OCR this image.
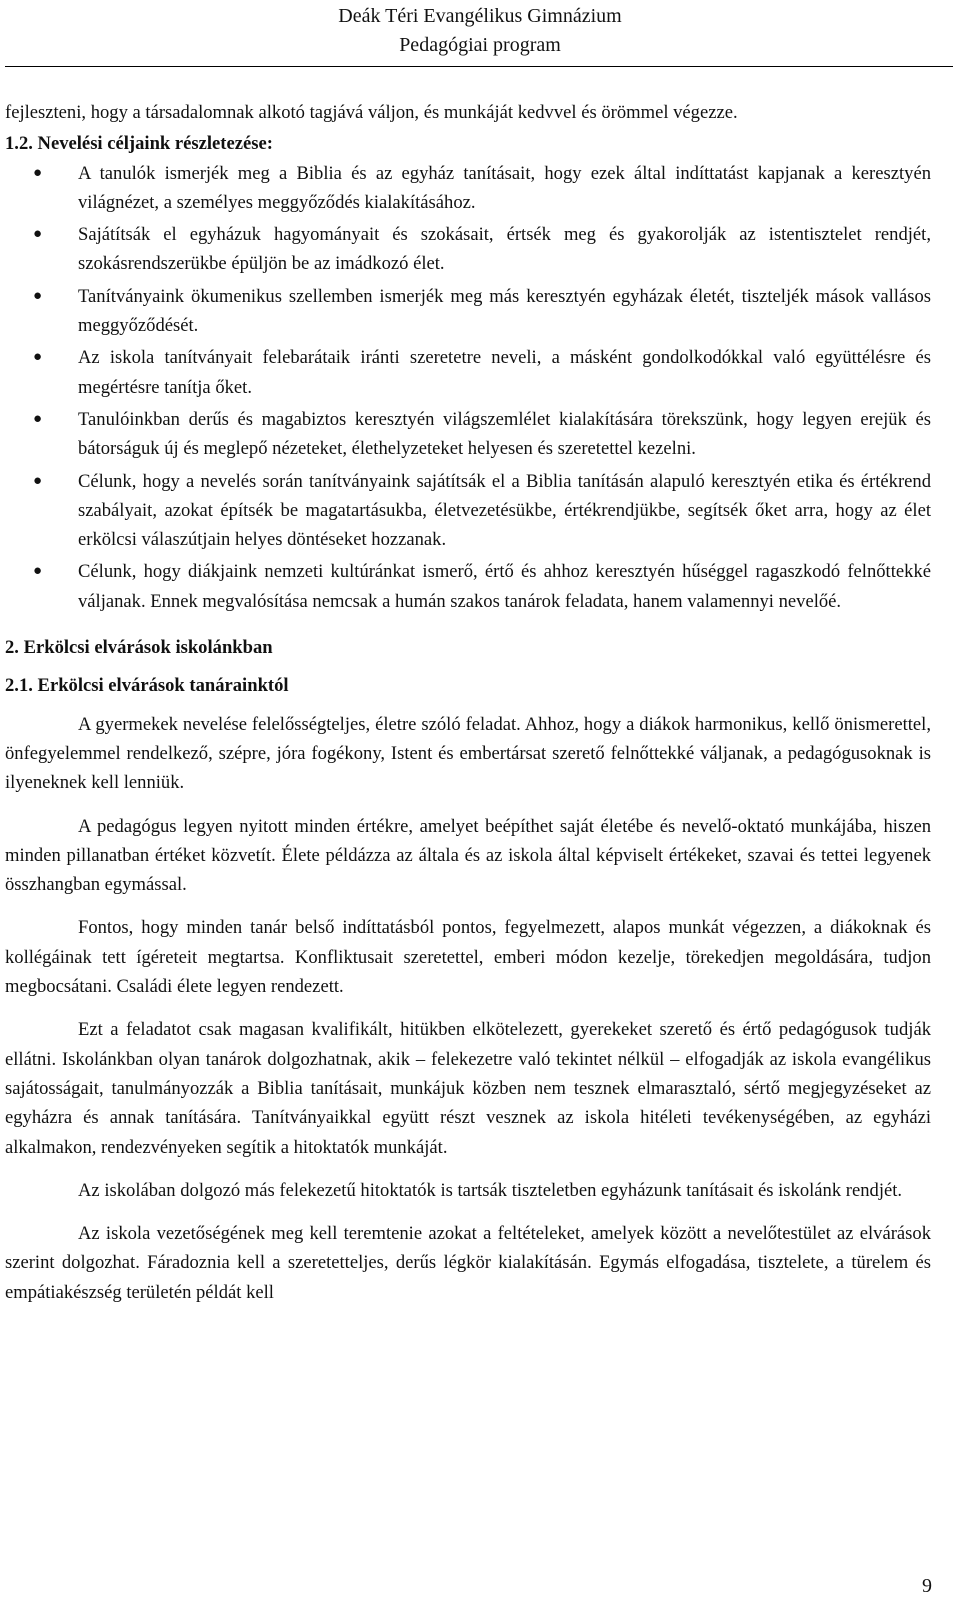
Deák Téri Evangélikus Gimnázium
Pedagógiai program

fejleszteni, hogy a társadalomnak alkotó tagjává váljon, és munkáját kedvvel és örömmel végezze.

1.2. Nevelési céljaink részletezése:

● A tanulók ismerjék meg a Biblia és az egyház tanításait, hogy ezek által indíttatást kapjanak a keresztyén világnézet, a személyes meggyőződés kialakításához.
● Sajátítsák el egyházuk hagyományait és szokásait, értsék meg és gyakorolják az istentisztelet rendjét, szokásrendszerükbe épüljön be az imádkozó élet.
● Tanítványaink ökumenikus szellemben ismerjék meg más keresztyén egyházak életét, tiszteljék mások vallásos meggyőződését.
● Az iskola tanítványait felebarátaik iránti szeretetre neveli, a másként gondolkodókkal való együttélésre és megértésre tanítja őket.
● Tanulóinkban derűs és magabiztos keresztyén világszemlélet kialakítására törekszünk, hogy legyen erejük és bátorságuk új és meglepő nézeteket, élethelyzeteket helyesen és szeretettel kezelni.
● Célunk, hogy a nevelés során tanítványaink sajátítsák el a Biblia tanításán alapuló keresztyén etika és értékrend szabályait, azokat építsék be magatartásukba, életvezetésükbe, értékrendjükbe, segítsék őket arra, hogy az élet erkölcsi válaszútjain helyes döntéseket hozzanak.
● Célunk, hogy diákjaink nemzeti kultúránkat ismerő, értő és ahhoz keresztyén hűséggel ragaszkodó felnőttekké váljanak. Ennek megvalósítása nemcsak a humán szakos tanárok feladata, hanem valamennyi nevelőé.

2. Erkölcsi elvárások iskolánkban

2.1. Erkölcsi elvárások tanárainktól

A gyermekek nevelése felelősségteljes, életre szóló feladat. Ahhoz, hogy a diákok harmonikus, kellő önismerettel, önfegyelemmel rendelkező, szépre, jóra fogékony, Istent és embertársat szerető felnőttekké váljanak, a pedagógusoknak is ilyeneknek kell lenniük.

A pedagógus legyen nyitott minden értékre, amelyet beépíthet saját életébe és nevelő-oktató munkájába, hiszen minden pillanatban értéket közvetít. Élete példázza az általa és az iskola által képviselt értékeket, szavai és tettei legyenek összhangban egymással.

Fontos, hogy minden tanár belső indíttatásból pontos, fegyelmezett, alapos munkát végezzen, a diákoknak és kollégáinak tett ígéreteit megtartsa. Konfliktusait szeretettel, emberi módon kezelje, törekedjen megoldására, tudjon megbocsátani. Családi élete legyen rendezett.

Ezt a feladatot csak magasan kvalifikált, hitükben elkötelezett, gyerekeket szerető és értő pedagógusok tudják ellátni. Iskolánkban olyan tanárok dolgozhatnak, akik – felekezetre való tekintet nélkül – elfogadják az iskola evangélikus sajátosságait, tanulmányozzák a Biblia tanításait, munkájuk közben nem tesznek elmarasztaló, sértő megjegyzéseket az egyházra és annak tanítására. Tanítványaikkal együtt részt vesznek az iskola hitéleti tevékenységében, az egyházi alkalmakon, rendezvényeken segítik a hitoktatók munkáját.

Az iskolában dolgozó más felekezetű hitoktatók is tartsák tiszteletben egyházunk tanításait és iskolánk rendjét.

Az iskola vezetőségének meg kell teremtenie azokat a feltételeket, amelyek között a nevelőtestület az elvárások szerint dolgozhat. Fáradoznia kell a szeretetteljes, derűs légkör kialakításán. Egymás elfogadása, tisztelete, a türelem és empátiakészség területén példát kell

9
